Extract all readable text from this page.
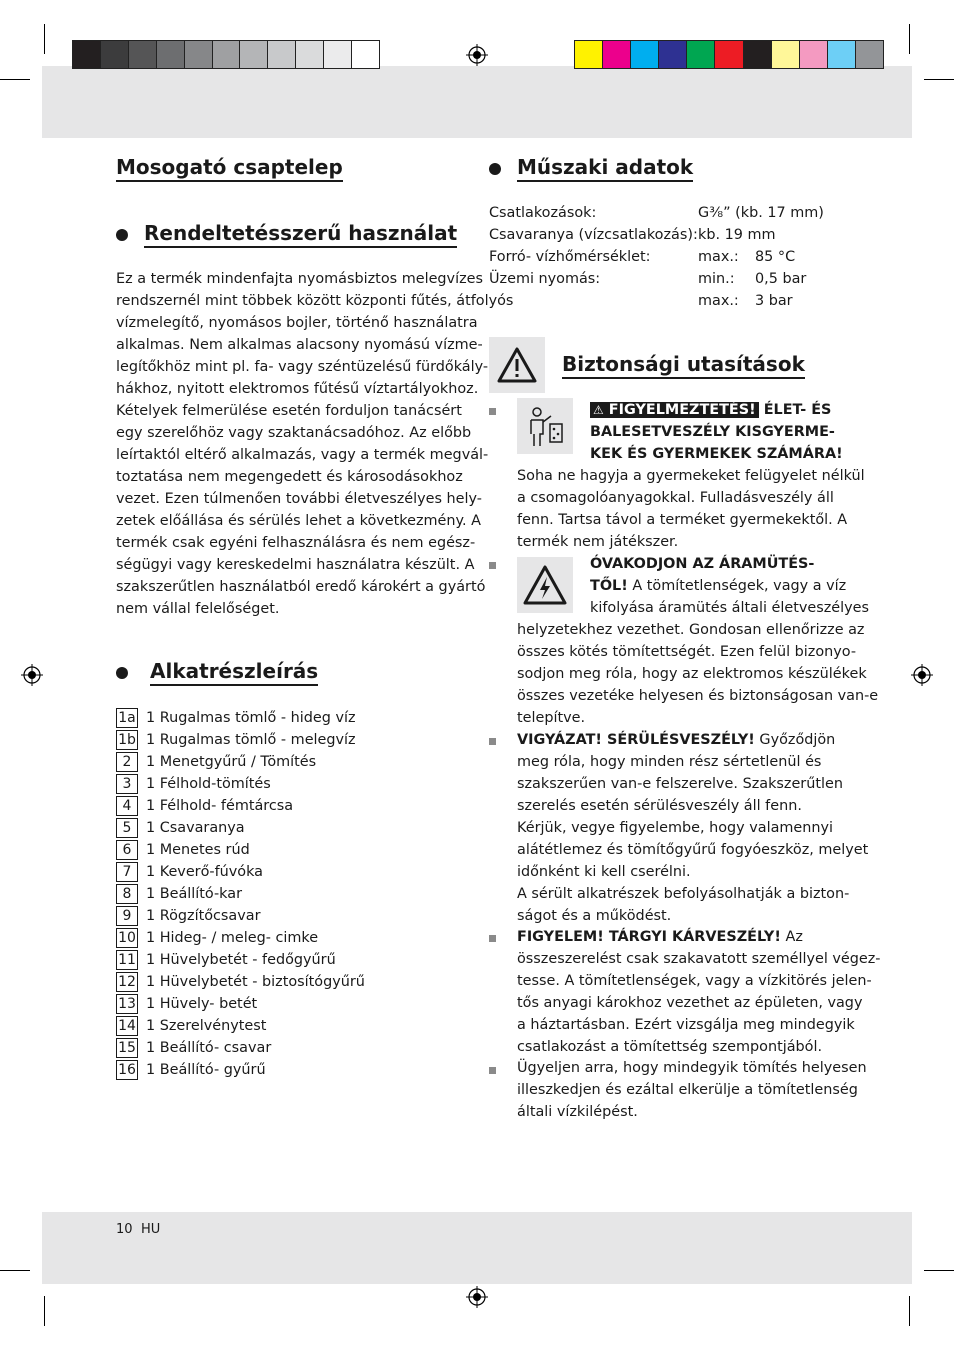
Mosogató csaptelep
Rendeltetésszerű használat
Ez a termék mindenfajta nyomásbiztos melegvízes
rendszernél mint többek között központi fűtés, átfolyós
vízmelegítő, nyomásos bojler, történő használatra
alkalmas. Nem alkalmas alacsony nyomású vízme-
legítőkhöz mint pl. fa- vagy széntüzelésű fürdőkály-
hákhoz, nyitott elektromos fűtésű víztartályokhoz.
Kételyek felmerülése esetén forduljon tanácsért
egy szerelőhöz vagy szaktanácsadóhoz. Az előbb
leírtaktól eltérő alkalmazás, vagy a termék megvál-
toztatása nem megengedett és károsodásokhoz
vezet. Ezen túlmenően további életveszélyes hely-
zetek előállása és sérülés lehet a következmény. A
termék csak egyéni felhasználásra és nem egész-
ségügyi vagy kereskedelmi használatra készült. A
szakszerűtlen használatból eredő károkért a gyártó
nem vállal felelőséget.
Alkatrészleírás
1a 1 Rugalmas tömlő - hideg víz
1b 1 Rugalmas tömlő - melegvíz
2	1 Menetgyűrű / Tömítés
3	1 Félhold-tömítés
4	1 Félhold- fémtárcsa
5	1 Csavaranya
6	1 Menetes rúd
7	1 Keverő-fúvóka
8	1 Beállító-kar
9	1 Rögzítőcsavar
10 1 Hideg- / meleg- cimke
11 1 Hüvelybetét - fedőgyűrű
12 1 Hüvelybetét - biztosítógyűrű
13 1 Hüvely- betét
14 1 Szerelvénytest
15 1 Beállító- csavar
16 1 Beállító- gyűrű
Műszaki adatok
Csatlakozások:	G⅜” (kb. 17 mm)
Csavaranya (vízcsatlakozás): kb. 19 mm
Forró- vízhőmérséklet:	max.: 85 °C
Üzemi nyomás:	min.: 0,5 bar
max.: 3 bar
Biztonsági utasítások
⚠ FIGYELMEZTETÉS! ÉLET- ÉS
BALESETVESZÉLY KISGYERME-
KEK ÉS GYERMEKEK SZÁMÁRA!
Soha ne hagyja a gyermekeket felügyelet nélkül
a csomagolóanyagokkal. Fulladásveszély áll
fenn. Tartsa távol a terméket gyermekektől. A
termék nem játékszer.
ÓVAKODJON AZ ÁRAMÜTÉS-
TŐL! A tömítetlenségek, vagy a víz
kifolyása áramütés általi életveszélyes
helyzetekhez vezethet. Gondosan ellenőrizze az
összes kötés tömítettségét. Ezen felül bizonyo-
sodjon meg róla, hogy az elektromos készülékek
összes vezetéke helyesen és biztonságosan van-e
telepítve.
VIGYÁZAT! SÉRÜLÉSVESZÉLY! Győződjön
meg róla, hogy minden rész sértetlenül és
szakszerűen van-e felszerelve. Szakszerűtlen
szerelés esetén sérülésveszély áll fenn.
Kérjük, vegye figyelembe, hogy valamennyi
alátétlemez és tömítőgyűrű fogyóeszköz, melyet
időnként ki kell cserélni.
A sérült alkatrészek befolyásolhatják a bizton-
ságot és a működést.
FIGYELEM! TÁRGYI KÁRVESZÉLY! Az
összeszerelést csak szakavatott személlyel végez-
tesse. A tömítetlenségek, vagy a vízkitörés jelen-
tős anyagi károkhoz vezethet az épületen, vagy
a háztartásban. Ezért vizsgálja meg mindegyik
csatlakozást a tömítettség szempontjából.
Ügyeljen arra, hogy mindegyik tömítés helyesen
illeszkedjen és ezáltal elkerülje a tömítetlenség
általi vízkilépést.
10 HU
